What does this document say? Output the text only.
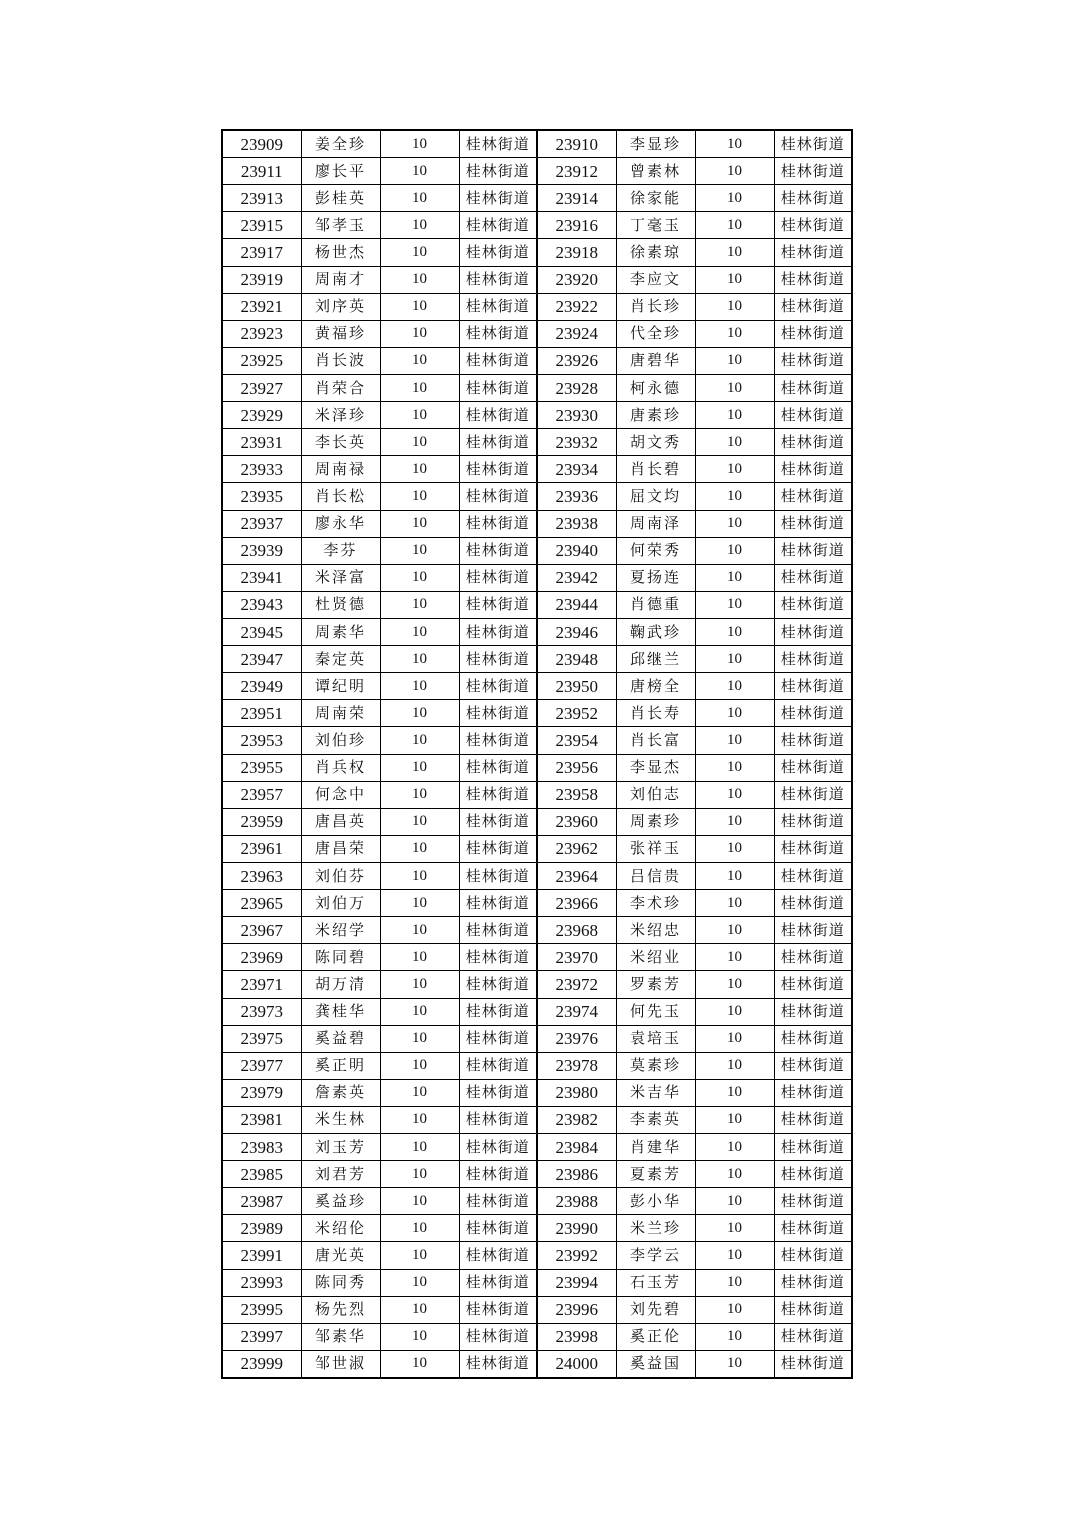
23909	姜全珍	10	桂林街道	23910	李显珍	10	桂林街道
23911	廖长平	10	桂林街道	23912	曾素林	10	桂林街道
23913	彭桂英	10	桂林街道	23914	徐家能	10	桂林街道
23915	邹孝玉	10	桂林街道	23916	丁毫玉	10	桂林街道
23917	杨世杰	10	桂林街道	23918	徐素琼	10	桂林街道
23919	周南才	10	桂林街道	23920	李应文	10	桂林街道
23921	刘序英	10	桂林街道	23922	肖长珍	10	桂林街道
23923	黄福珍	10	桂林街道	23924	代全珍	10	桂林街道
23925	肖长波	10	桂林街道	23926	唐碧华	10	桂林街道
23927	肖荣合	10	桂林街道	23928	柯永德	10	桂林街道
23929	米泽珍	10	桂林街道	23930	唐素珍	10	桂林街道
23931	李长英	10	桂林街道	23932	胡文秀	10	桂林街道
23933	周南禄	10	桂林街道	23934	肖长碧	10	桂林街道
23935	肖长松	10	桂林街道	23936	屈文均	10	桂林街道
23937	廖永华	10	桂林街道	23938	周南泽	10	桂林街道
23939	李芬	10	桂林街道	23940	何荣秀	10	桂林街道
23941	米泽富	10	桂林街道	23942	夏扬连	10	桂林街道
23943	杜贤德	10	桂林街道	23944	肖德重	10	桂林街道
23945	周素华	10	桂林街道	23946	鞠武珍	10	桂林街道
23947	秦定英	10	桂林街道	23948	邱继兰	10	桂林街道
23949	谭纪明	10	桂林街道	23950	唐榜全	10	桂林街道
23951	周南荣	10	桂林街道	23952	肖长寿	10	桂林街道
23953	刘伯珍	10	桂林街道	23954	肖长富	10	桂林街道
23955	肖兵权	10	桂林街道	23956	李显杰	10	桂林街道
23957	何念中	10	桂林街道	23958	刘伯志	10	桂林街道
23959	唐昌英	10	桂林街道	23960	周素珍	10	桂林街道
23961	唐昌荣	10	桂林街道	23962	张祥玉	10	桂林街道
23963	刘伯芬	10	桂林街道	23964	吕信贵	10	桂林街道
23965	刘伯万	10	桂林街道	23966	李术珍	10	桂林街道
23967	米绍学	10	桂林街道	23968	米绍忠	10	桂林街道
23969	陈同碧	10	桂林街道	23970	米绍业	10	桂林街道
23971	胡万清	10	桂林街道	23972	罗素芳	10	桂林街道
23973	龚桂华	10	桂林街道	23974	何先玉	10	桂林街道
23975	奚益碧	10	桂林街道	23976	袁培玉	10	桂林街道
23977	奚正明	10	桂林街道	23978	莫素珍	10	桂林街道
23979	詹素英	10	桂林街道	23980	米吉华	10	桂林街道
23981	米生林	10	桂林街道	23982	李素英	10	桂林街道
23983	刘玉芳	10	桂林街道	23984	肖建华	10	桂林街道
23985	刘君芳	10	桂林街道	23986	夏素芳	10	桂林街道
23987	奚益珍	10	桂林街道	23988	彭小华	10	桂林街道
23989	米绍伦	10	桂林街道	23990	米兰珍	10	桂林街道
23991	唐光英	10	桂林街道	23992	李学云	10	桂林街道
23993	陈同秀	10	桂林街道	23994	石玉芳	10	桂林街道
23995	杨先烈	10	桂林街道	23996	刘先碧	10	桂林街道
23997	邹素华	10	桂林街道	23998	奚正伦	10	桂林街道
23999	邹世淑	10	桂林街道	24000	奚益国	10	桂林街道
